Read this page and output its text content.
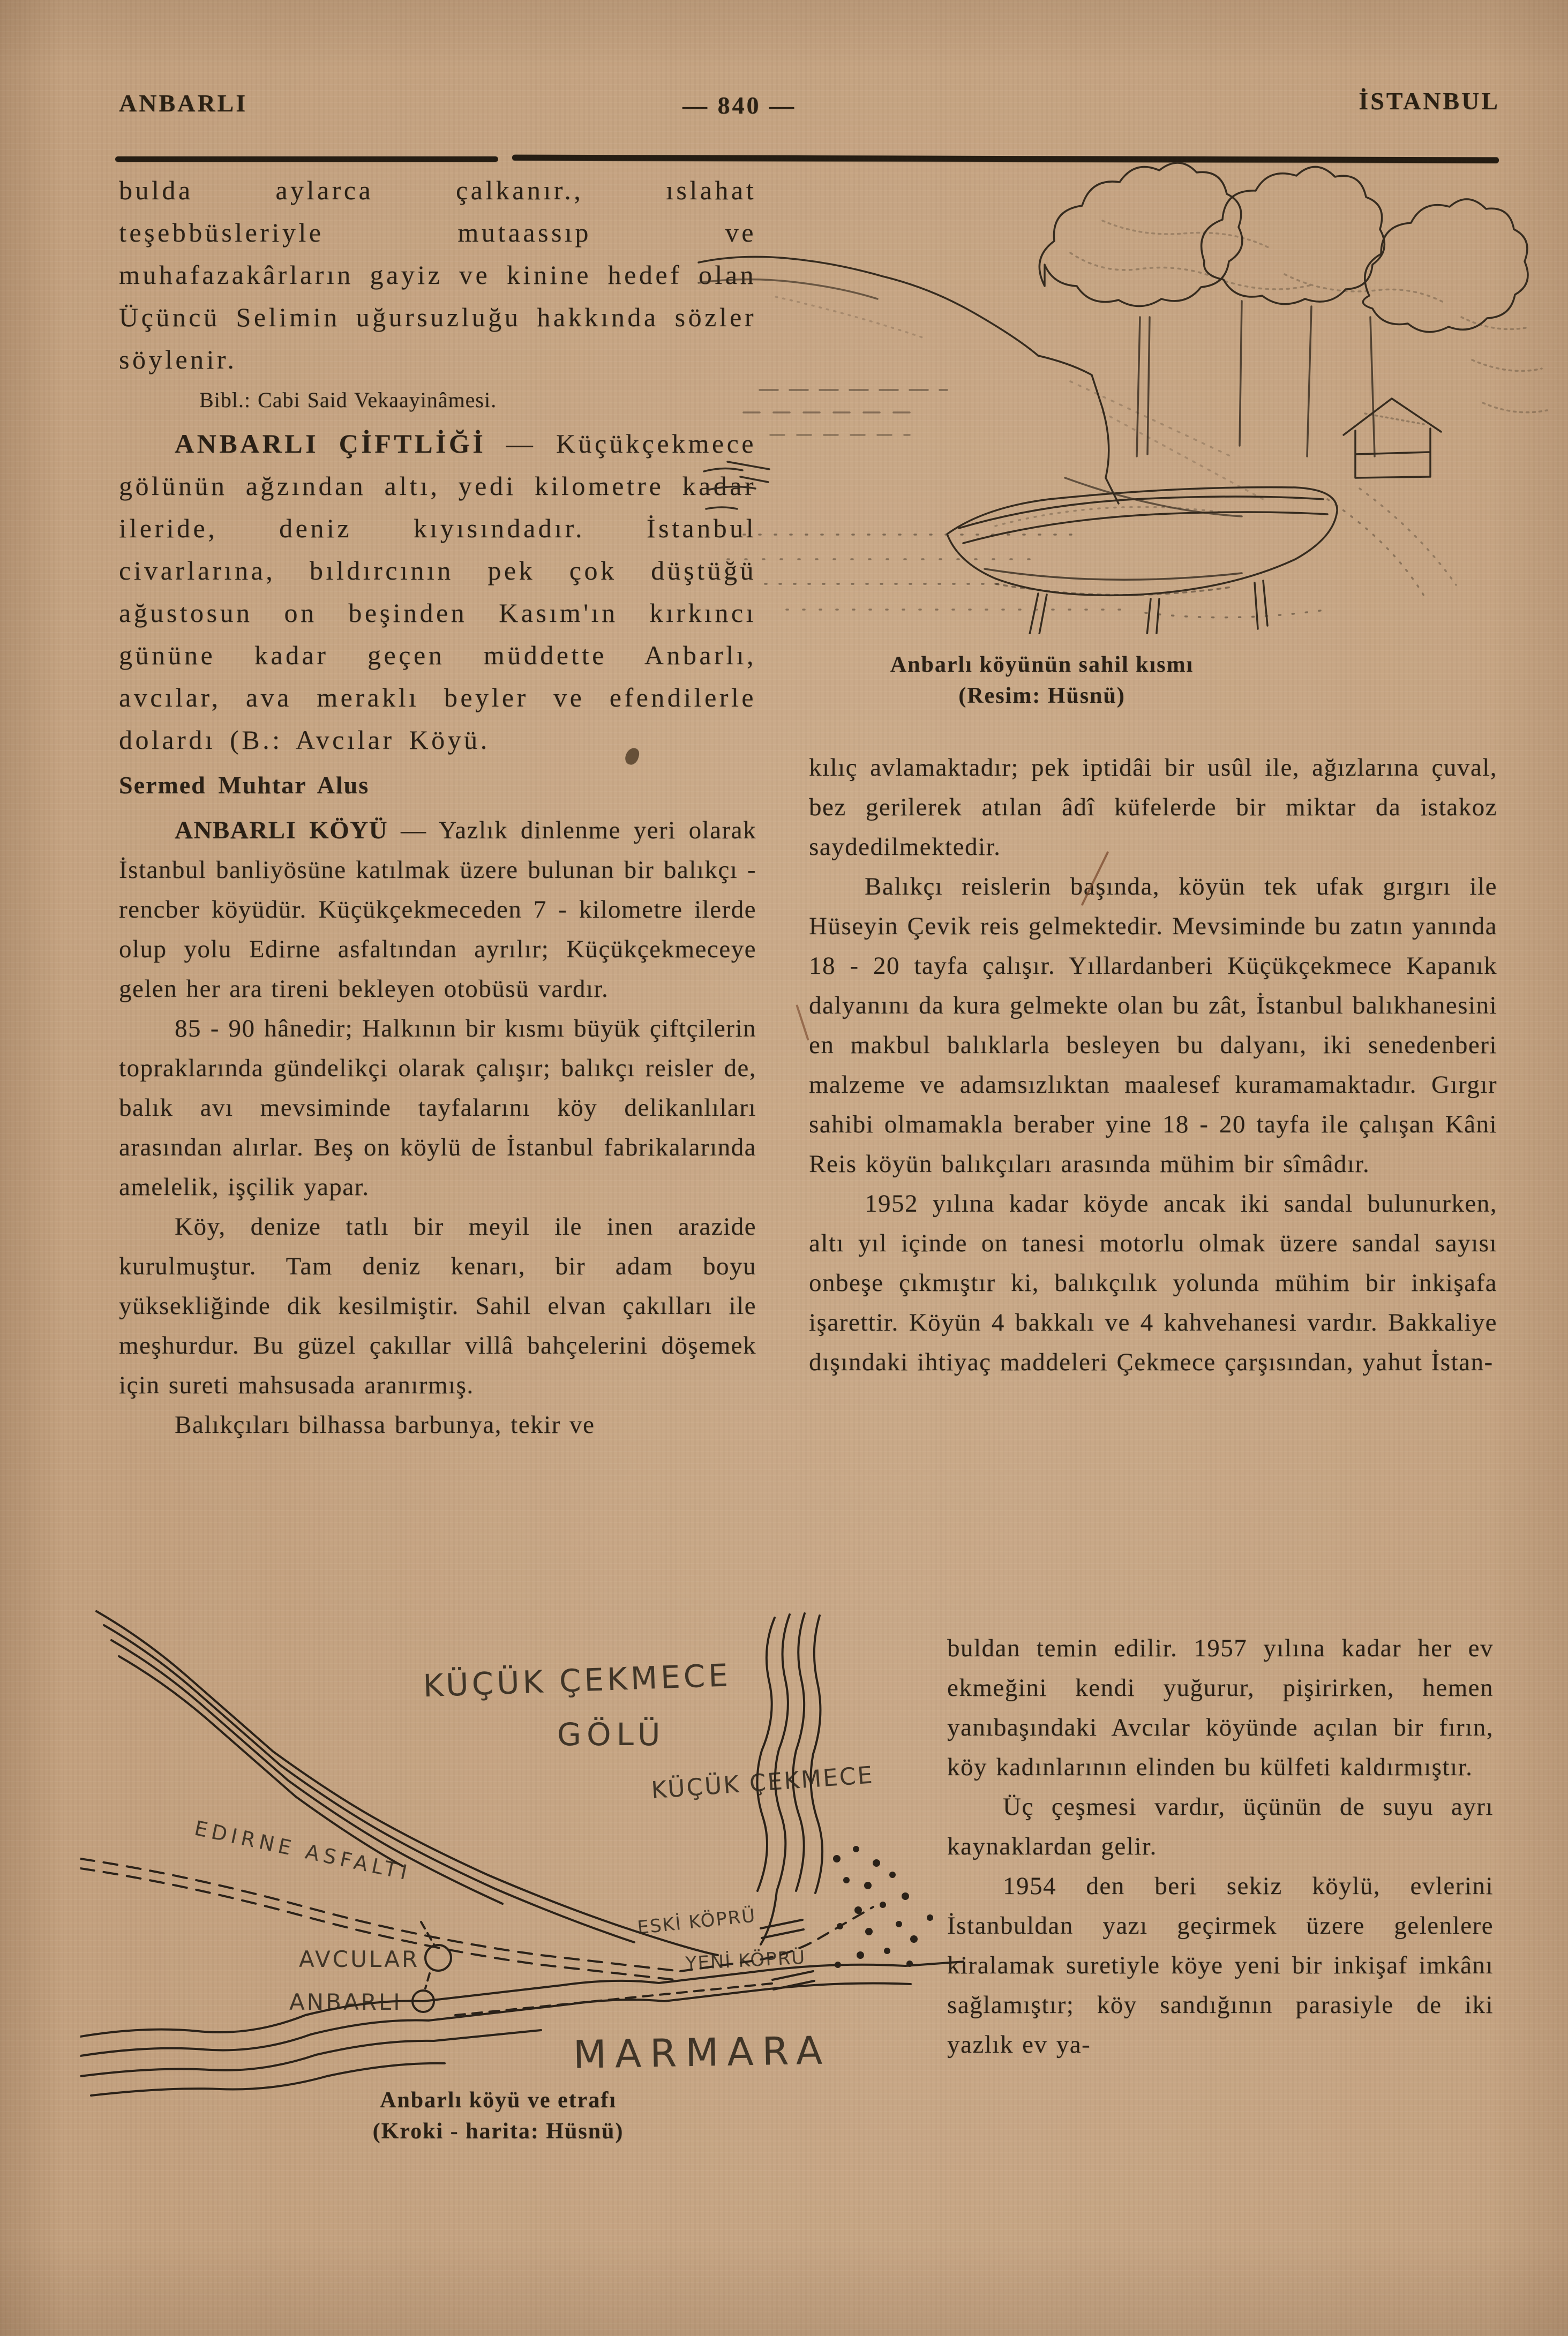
ANBARLI	— 840 —	İSTANBUL

bulda aylarca çalkanır., ıslahat teşebbüsleriyle mutaassıp ve muhafazakârların gayiz ve kinine hedef olan Üçüncü Selimin uğursuzluğu hakkında sözler söylenir.

Bibl.: Cabi Said Vekaayinâmesi.

ANBARLI ÇİFTLİĞİ — Küçükçekmece gölünün ağzından altı, yedi kilometre kadar ileride, deniz kıyısındadır. İstanbul civarlarına, bıldırcının pek çok düştüğü ağustosun on beşinden Kasım'ın kırkıncı gününe kadar geçen müddette Anbarlı, avcılar, ava meraklı beyler ve efendilerle dolardı (B.: Avcılar Köyü.

Sermed Muhtar Alus

ANBARLI KÖYÜ — Yazlık dinlenme yeri olarak İstanbul banliyösüne katılmak üzere bulunan bir balıkçı - rencber köyüdür. Küçükçekmeceden 7 - kilometre ilerde olup yolu Edirne asfaltından ayrılır; Küçükçekmeceye gelen her ara tireni bekleyen otobüsü vardır.

85 - 90 hânedir; Halkının bir kısmı büyük çiftçilerin topraklarında gündelikçi olarak çalışır; balıkçı reisler de, balık avı mevsiminde tayfalarını köy delikanlıları arasından alırlar. Beş on köylü de İstanbul fabrikalarında amelelik, işçilik yapar.

Köy, denize tatlı bir meyil ile inen arazide kurulmuştur. Tam deniz kenarı, bir adam boyu yüksekliğinde dik kesilmiştir. Sahil elvan çakılları ile meşhurdur. Bu güzel çakıllar villâ bahçelerini döşemek için sureti mahsusada aranırmış.

Balıkçıları bilhassa barbunya, tekir ve

Anbarlı köyünün sahil kısmı
(Resim: Hüsnü)

kılıç avlamaktadır; pek iptidâi bir usûl ile, ağızlarına çuval, bez gerilerek atılan âdî küfelerde bir miktar da istakoz saydedilmektedir.

Balıkçı reislerin başında, köyün tek ufak gırgırı ile Hüseyin Çevik reis gelmektedir. Mevsiminde bu zatın yanında 18 - 20 tayfa çalışır. Yıllardanberi Küçükçekmece Kapanık dalyanını da kura gelmekte olan bu zât, İstanbul balıkhanesini en makbul balıklarla besleyen bu dalyanı, iki senedenberi malzeme ve adamsızlıktan maalesef kuramamaktadır. Gırgır sahibi olmamakla beraber yine 18 - 20 tayfa ile çalışan Kâni Reis köyün balıkçıları arasında mühim bir sîmâdır.

1952 yılına kadar köyde ancak iki sandal bulunurken, altı yıl içinde on tanesi motorlu olmak üzere sandal sayısı onbeşe çıkmıştır ki, balıkçılık yolunda mühim bir inkişafa işarettir. Köyün 4 bakkalı ve 4 kahvehanesi vardır. Bakkaliye dışındaki ihtiyaç maddeleri Çekmece çarşısından, yahut İstan-

buldan temin edilir. 1957 yılına kadar her ev ekmeğini kendi yuğurur, pişirirken, hemen yanıbaşındaki Avcılar köyünde açılan bir fırın, köy kadınlarının elinden bu külfeti kaldırmıştır.

Üç çeşmesi vardır, üçünün de suyu ayrı kaynaklardan gelir.

1954 den beri sekiz köylü, evlerini İstanbuldan yazı geçirmek üzere gelenlere kiralamak suretiyle köye yeni bir inkişaf imkânı sağlamıştır; köy sandığının parasiyle de iki yazlık ev ya-

KÜÇÜK ÇEKMECE
GÖLÜ
KÜÇÜK ÇEKMECE
EDIRNE ASFALTI
ESKİ KÖPRÜ
YENİ KÖPRÜ
AVCULAR
ANBARLI
MARMARA
Anbarlı köyü ve etrafı
(Kroki - harita: Hüsnü)
